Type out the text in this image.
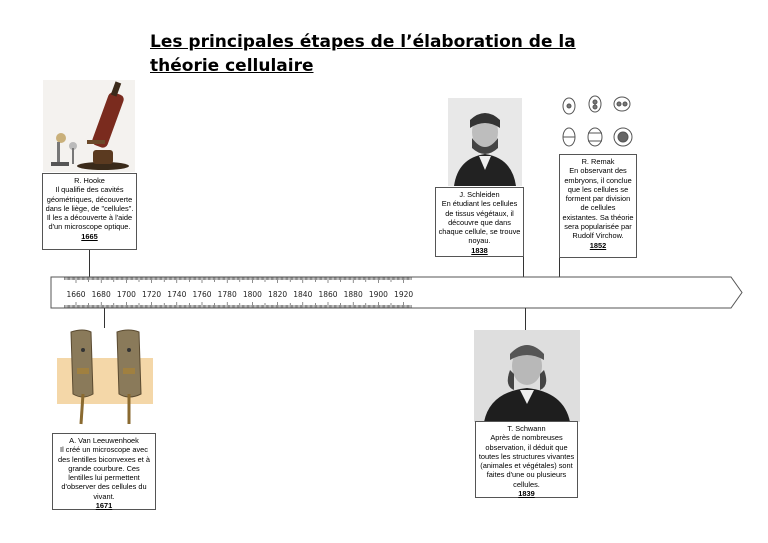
Les principales étapes de l’élaboration de la théorie cellulaire
R. Hooke
Il qualifie des cavités géométriques, découverte dans le liège, de "cellules". Il les a découverte à l'aide d'un microscope optique.
1665
J. Schleiden
En étudiant les cellules de tissus végétaux, il découvre que dans chaque cellule, se trouve noyau.
1838
R. Remak
En observant des embryons, il conclue que les cellules se forment par division de cellules existantes. Sa théorie sera popularisée par Rudolf Virchow.
1852
1660 1680 1700 1720 1740 1760 1780 1800 1820 1840 1860 1880 1900 1920
A. Van Leeuwenhoek
Il créé un microscope avec des lentilles biconvexes et à grande courbure. Ces lentilles lui permettent d'observer des cellules du vivant.
1671
T. Schwann
Après de nombreuses observation, il déduit que toutes les structures vivantes (animales et végétales) sont faites d'une ou plusieurs cellules.
1839
